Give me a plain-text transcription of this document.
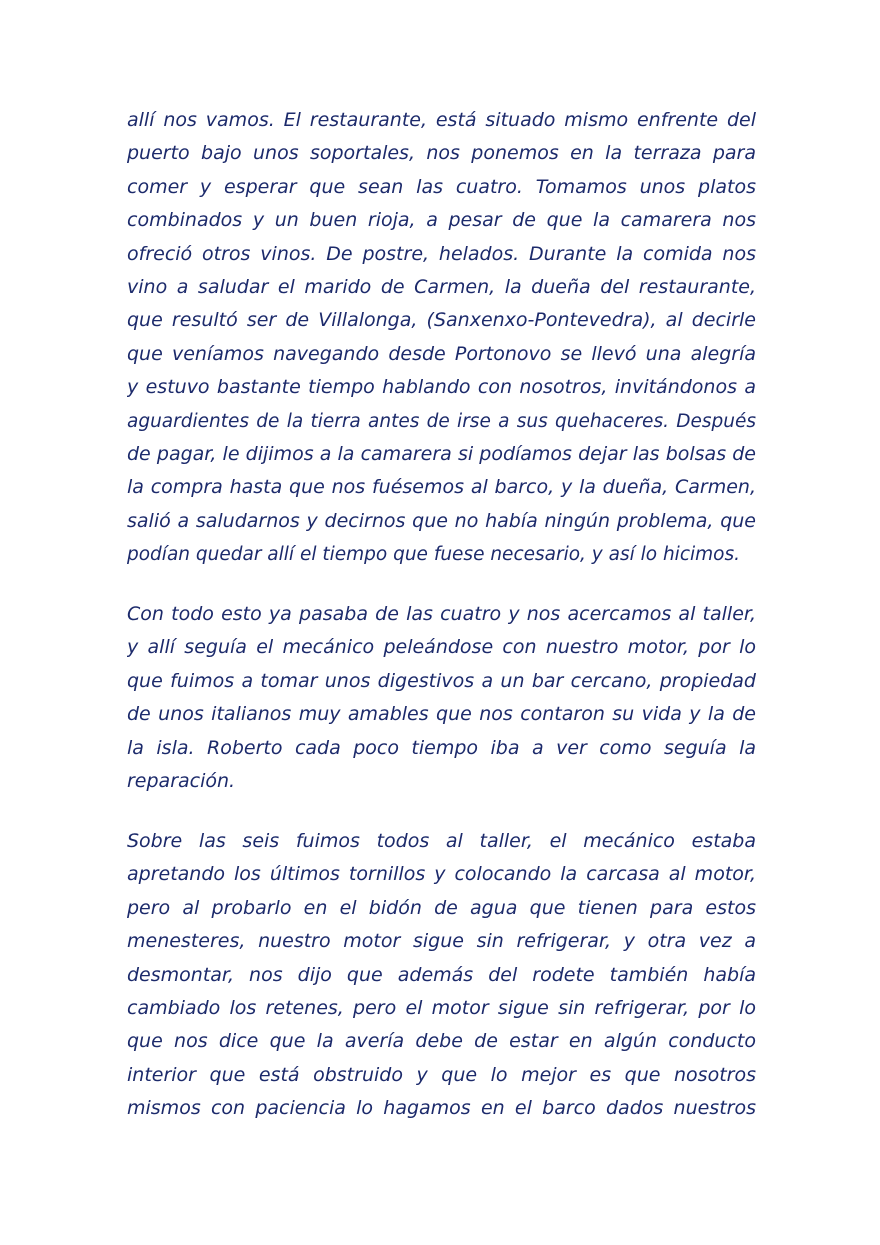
allí nos vamos. El restaurante, está situado mismo enfrente del
puerto bajo unos soportales, nos ponemos en la terraza para
comer y esperar que sean las cuatro. Tomamos unos platos
combinados y un buen rioja, a pesar de que la camarera nos
ofreció otros vinos. De postre, helados. Durante la comida nos
vino a saludar el marido de Carmen, la dueña del restaurante,
que resultó ser de Villalonga, (Sanxenxo-Pontevedra), al decirle
que veníamos navegando desde Portonovo se llevó una alegría
y estuvo bastante tiempo hablando con nosotros, invitándonos a
aguardientes de la tierra antes de irse a sus quehaceres. Después
de pagar, le dijimos a la camarera si podíamos dejar las bolsas de
la compra hasta que nos fuésemos al barco, y la dueña, Carmen,
salió a saludarnos y decirnos que no había ningún problema, que
podían quedar allí el tiempo que fuese necesario, y así lo hicimos.
Con todo esto ya pasaba de las cuatro y nos acercamos al taller,
y allí seguía el mecánico peleándose con nuestro motor, por lo
que fuimos a tomar unos digestivos a un bar cercano, propiedad
de unos italianos muy amables que nos contaron su vida y la de
la isla. Roberto cada poco tiempo iba a ver como seguía la
reparación.
Sobre las seis fuimos todos al taller, el mecánico estaba
apretando los últimos tornillos y colocando la carcasa al motor,
pero al probarlo en el bidón de agua que tienen para estos
menesteres, nuestro motor sigue sin refrigerar, y otra vez a
desmontar, nos dijo que además del rodete también había
cambiado los retenes, pero el motor sigue sin refrigerar, por lo
que nos dice que la avería debe de estar en algún conducto
interior que está obstruido y que lo mejor es que nosotros
mismos con paciencia lo hagamos en el barco dados nuestros
